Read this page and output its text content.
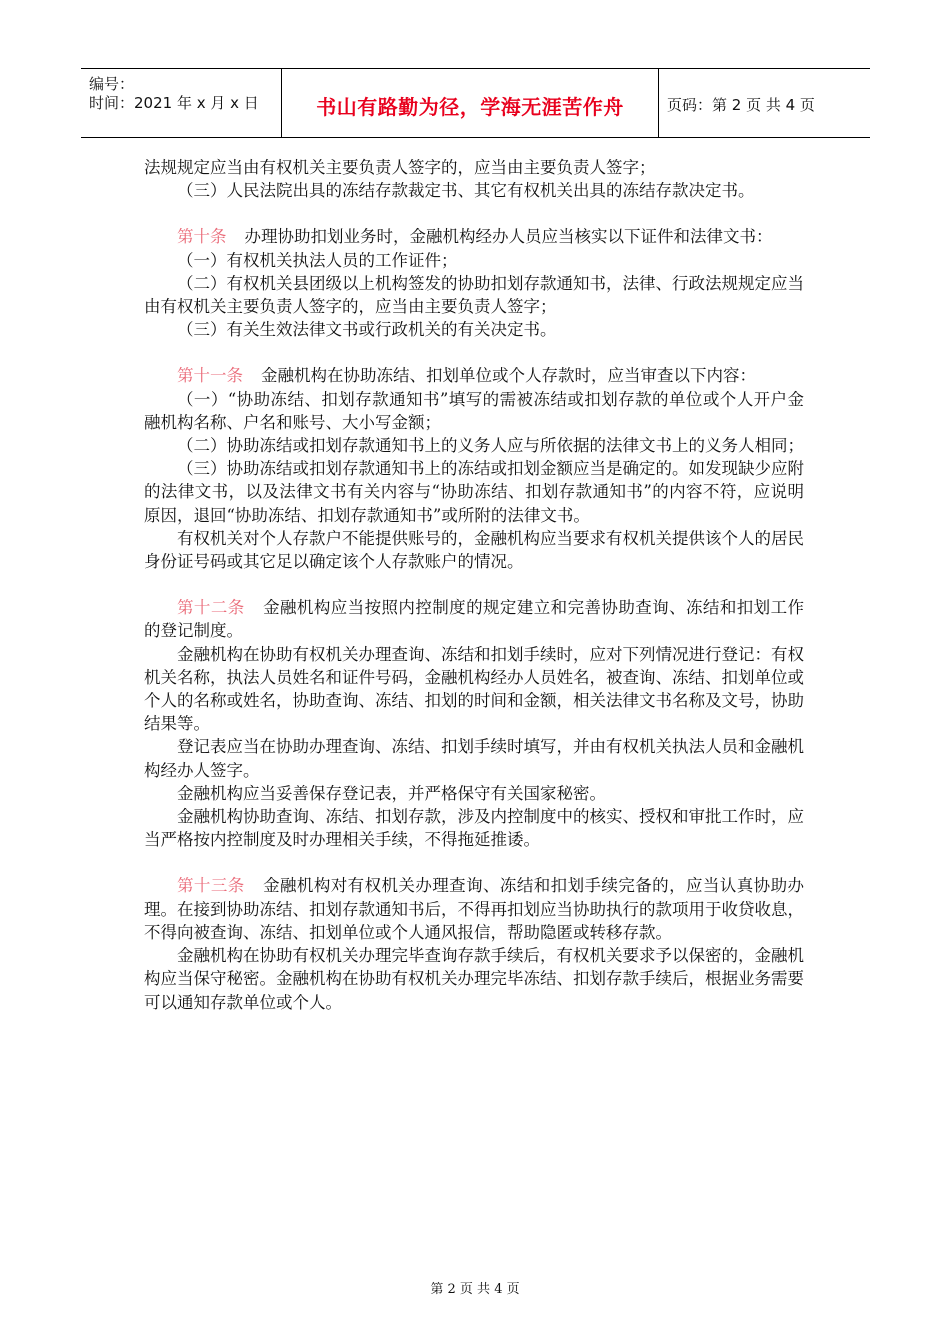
编号：
时间：2021 年 x 月 x 日	书山有路勤为径，学海无涯苦作舟	页码：第 2 页 共 4 页

法规规定应当由有权机关主要负责人签字的，应当由主要负责人签字；

（三）人民法院出具的冻结存款裁定书、其它有权机关出具的冻结存款决定书。

第十条 办理协助扣划业务时，金融机构经办人员应当核实以下证件和法律文书：

（一）有权机关执法人员的工作证件；

（二）有权机关县团级以上机构签发的协助扣划存款通知书，法律、行政法规规定应当由有权机关主要负责人签字的，应当由主要负责人签字；

（三）有关生效法律文书或行政机关的有关决定书。

第十一条 金融机构在协助冻结、扣划单位或个人存款时，应当审查以下内容：

（一）“协助冻结、扣划存款通知书”填写的需被冻结或扣划存款的单位或个人开户金融机构名称、户名和账号、大小写金额；

（二）协助冻结或扣划存款通知书上的义务人应与所依据的法律文书上的义务人相同；

（三）协助冻结或扣划存款通知书上的冻结或扣划金额应当是确定的。如发现缺少应附的法律文书，以及法律文书有关内容与“协助冻结、扣划存款通知书”的内容不符，应说明原因，退回“协助冻结、扣划存款通知书”或所附的法律文书。

有权机关对个人存款户不能提供账号的，金融机构应当要求有权机关提供该个人的居民身份证号码或其它足以确定该个人存款账户的情况。

第十二条 金融机构应当按照内控制度的规定建立和完善协助查询、冻结和扣划工作的登记制度。

金融机构在协助有权机关办理查询、冻结和扣划手续时，应对下列情况进行登记：有权机关名称，执法人员姓名和证件号码，金融机构经办人员姓名，被查询、冻结、扣划单位或个人的名称或姓名，协助查询、冻结、扣划的时间和金额，相关法律文书名称及文号，协助结果等。

登记表应当在协助办理查询、冻结、扣划手续时填写，并由有权机关执法人员和金融机构经办人签字。

金融机构应当妥善保存登记表，并严格保守有关国家秘密。

金融机构协助查询、冻结、扣划存款，涉及内控制度中的核实、授权和审批工作时，应当严格按内控制度及时办理相关手续，不得拖延推诿。

第十三条 金融机构对有权机关办理查询、冻结和扣划手续完备的，应当认真协助办理。在接到协助冻结、扣划存款通知书后，不得再扣划应当协助执行的款项用于收贷收息，不得向被查询、冻结、扣划单位或个人通风报信，帮助隐匿或转移存款。

金融机构在协助有权机关办理完毕查询存款手续后，有权机关要求予以保密的，金融机构应当保守秘密。金融机构在协助有权机关办理完毕冻结、扣划存款手续后，根据业务需要可以通知存款单位或个人。

第 2 页 共 4 页
